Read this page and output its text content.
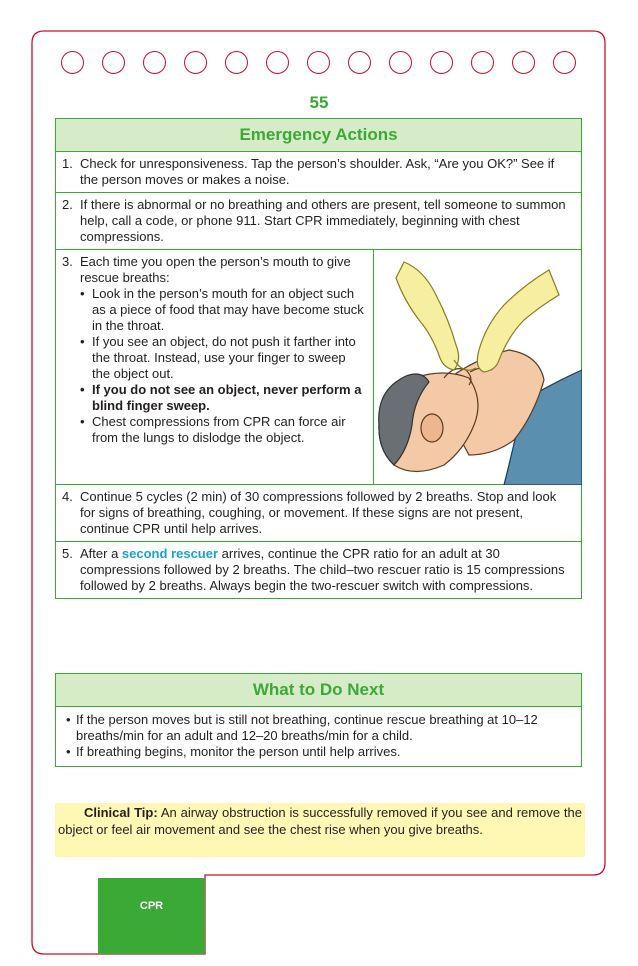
55
Emergency Actions
1. Check for unresponsiveness. Tap the person’s shoulder. Ask, “Are you OK?” See if the person moves or makes a noise.
2. If there is abnormal or no breathing and others are present, tell someone to summon help, call a code, or phone 911. Start CPR immediately, beginning with chest compressions.
3. Each time you open the person’s mouth to give rescue breaths:
• Look in the person’s mouth for an object such as a piece of food that may have become stuck in the throat.
• If you see an object, do not push it farther into the throat. Instead, use your finger to sweep the object out.
• If you do not see an object, never perform a blind finger sweep.
• Chest compressions from CPR can force air from the lungs to dislodge the object.
4. Continue 5 cycles (2 min) of 30 compressions followed by 2 breaths. Stop and look for signs of breathing, coughing, or movement. If these signs are not present, continue CPR until help arrives.
5. After a second rescuer arrives, continue the CPR ratio for an adult at 30 compressions followed by 2 breaths. The child–two rescuer ratio is 15 compressions followed by 2 breaths. Always begin the two-rescuer switch with compressions.
What to Do Next
• If the person moves but is still not breathing, continue rescue breathing at 10–12 breaths/min for an adult and 12–20 breaths/min for a child.
• If breathing begins, monitor the person until help arrives.
Clinical Tip: An airway obstruction is successfully removed if you see and remove the object or feel air movement and see the chest rise when you give breaths.
CPR
